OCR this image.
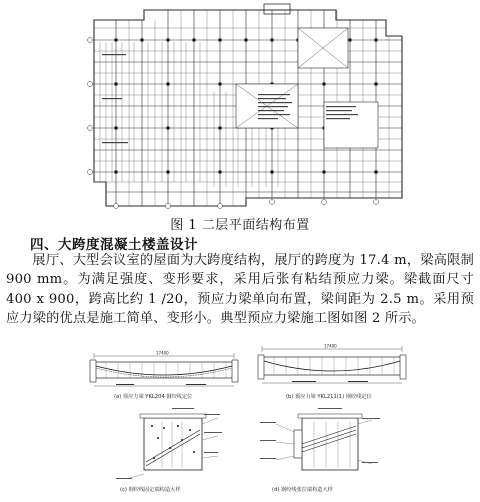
图 1 二层平面结构布置
四、大跨度混凝土楼盖设计

展厅、大型会议室的屋面为大跨度结构，展厅的跨度为 17.4 m，梁高限制 900 mm。为满足强度、变形要求，采用后张有粘结预应力梁。梁截面尺寸 400 x 900，跨高比约 1 /20，预应力梁单向布置，梁间距为 2.5 m。采用预应力梁的优点是施工简单、变形小。典型预应力梁施工图如图 2 所示。

17400
(a) 预应力梁 YKL204 钢绞线定位
17400
(b) 预应力梁 YKL211(1) 钢绞线定位
(c) 钢绞线固定端构造大样	(d) 钢绞线张拉端构造大样
